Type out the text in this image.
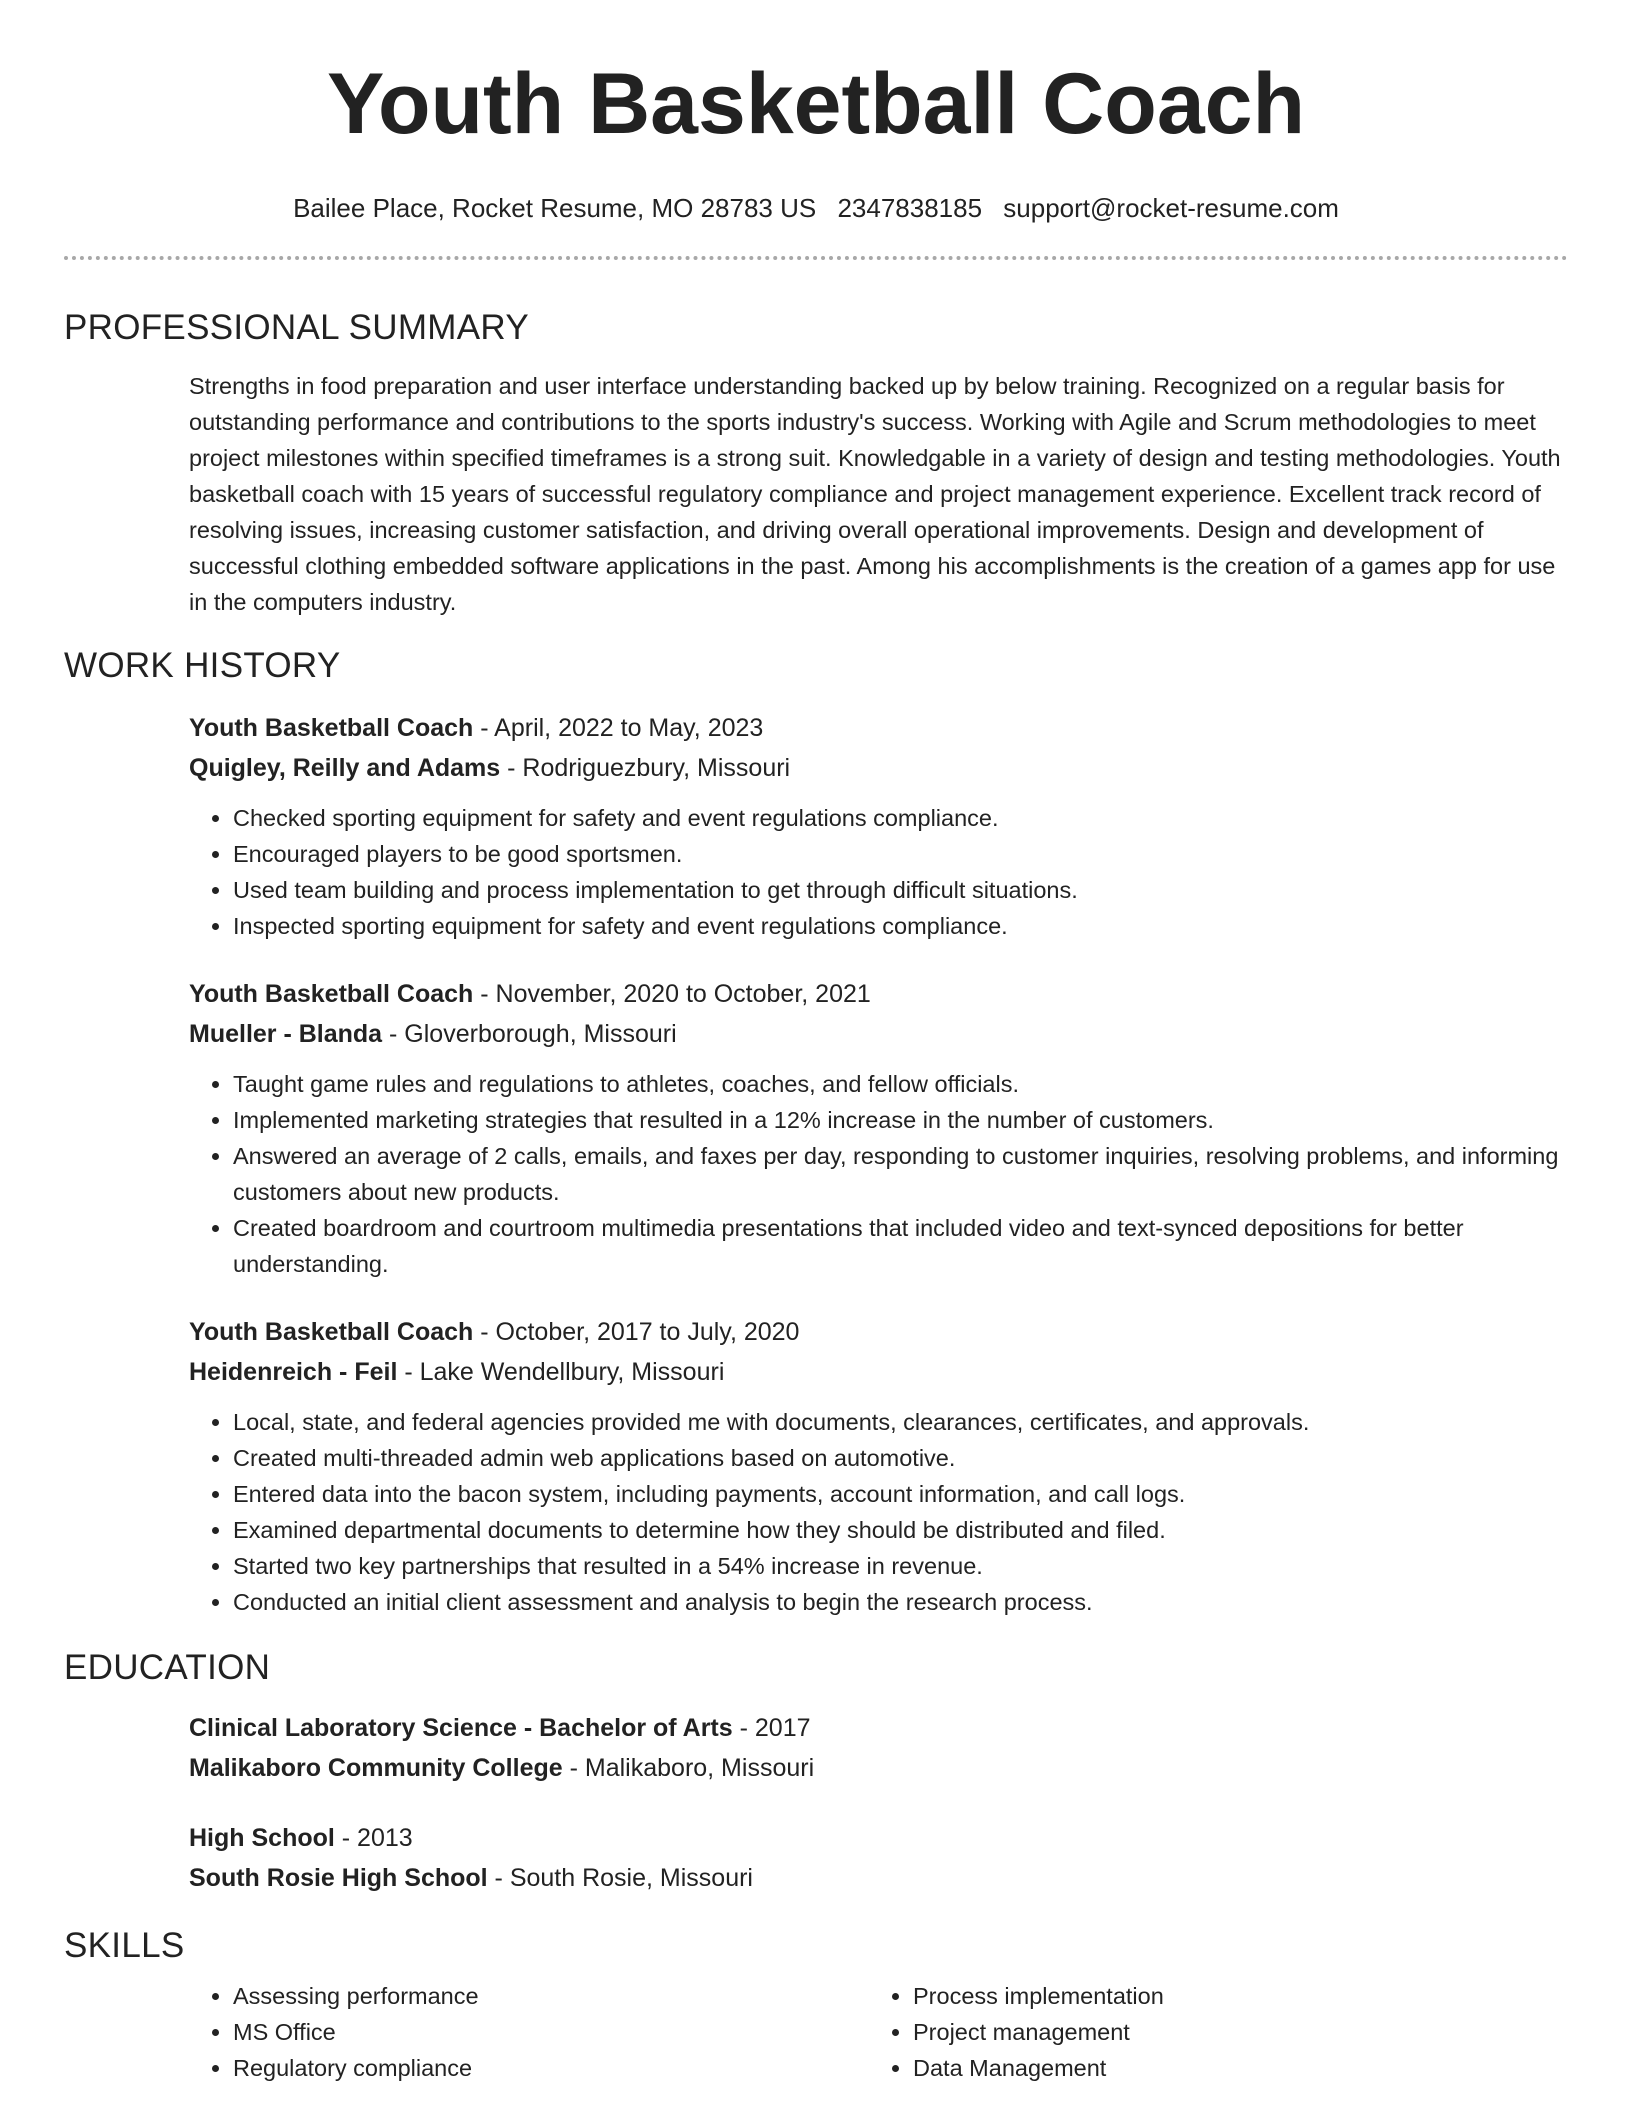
Youth Basketball Coach
Bailee Place, Rocket Resume, MO 28783 US 2347838185 support@rocket-resume.com
PROFESSIONAL SUMMARY

Strengths in food preparation and user interface understanding backed up by below training. Recognized on a regular basis for outstanding performance and contributions to the sports industry's success. Working with Agile and Scrum methodologies to meet project milestones within specified timeframes is a strong suit. Knowledgable in a variety of design and testing methodologies. Youth basketball coach with 15 years of successful regulatory compliance and project management experience. Excellent track record of resolving issues, increasing customer satisfaction, and driving overall operational improvements. Design and development of successful clothing embedded software applications in the past. Among his accomplishments is the creation of a games app for use in the computers industry.

WORK HISTORY
Youth Basketball Coach - April, 2022 to May, 2023
Quigley, Reilly and Adams - Rodriguezbury, Missouri
• Checked sporting equipment for safety and event regulations compliance.
• Encouraged players to be good sportsmen.
• Used team building and process implementation to get through difficult situations.
• Inspected sporting equipment for safety and event regulations compliance.
Youth Basketball Coach - November, 2020 to October, 2021
Mueller - Blanda - Gloverborough, Missouri
• Taught game rules and regulations to athletes, coaches, and fellow officials.
• Implemented marketing strategies that resulted in a 12% increase in the number of customers.
• Answered an average of 2 calls, emails, and faxes per day, responding to customer inquiries, resolving problems, and informing customers about new products.
• Created boardroom and courtroom multimedia presentations that included video and text-synced depositions for better understanding.
Youth Basketball Coach - October, 2017 to July, 2020
Heidenreich - Feil - Lake Wendellbury, Missouri
• Local, state, and federal agencies provided me with documents, clearances, certificates, and approvals.
• Created multi-threaded admin web applications based on automotive.
• Entered data into the bacon system, including payments, account information, and call logs.
• Examined departmental documents to determine how they should be distributed and filed.
• Started two key partnerships that resulted in a 54% increase in revenue.
• Conducted an initial client assessment and analysis to begin the research process.
EDUCATION
Clinical Laboratory Science - Bachelor of Arts - 2017
Malikaboro Community College - Malikaboro, Missouri
High School - 2013
South Rosie High School - South Rosie, Missouri
SKILLS
• Assessing performance
• MS Office
• Regulatory compliance
• Process implementation
• Project management
• Data Management
